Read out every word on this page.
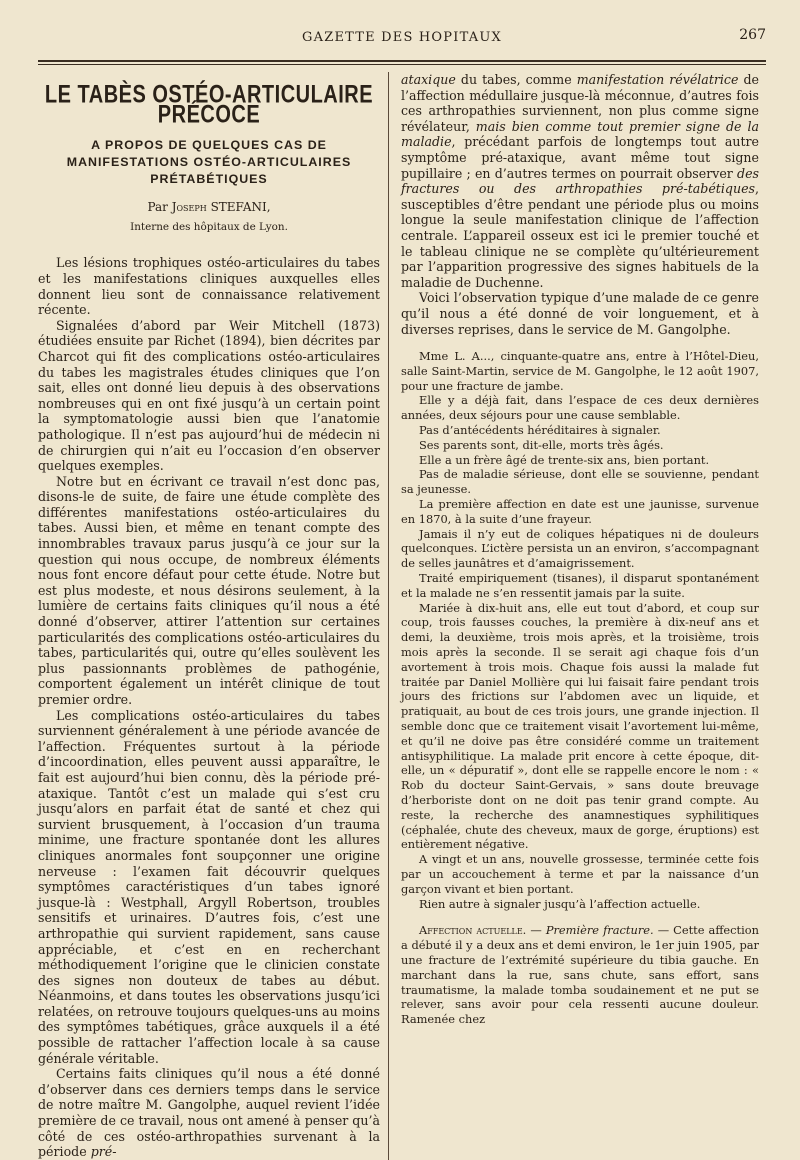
GAZETTE DES HOPITAUX	267
LE TABÈS OSTÉO-ARTICULAIRE PRÉCOCE
A PROPOS DE QUELQUES CAS DE MANIFESTATIONS OSTÉO-ARTICULAIRES PRÉTABÉTIQUES
Par Joseph STEFANI,
Interne des hôpitaux de Lyon.

Les lésions trophiques ostéo-articulaires du tabes et les manifestations cliniques auxquelles elles donnent lieu sont de connaissance relativement récente.

Signalées d’abord par Weir Mitchell (1873) étudiées ensuite par Richet (1894), bien décrites par Charcot qui fit des complications ostéo-articulaires du tabes les magistrales études cliniques que l’on sait, elles ont donné lieu depuis à des observations nombreuses qui en ont fixé jusqu’à un certain point la symptomatologie aussi bien que l’anatomie pathologique. Il n’est pas aujourd’hui de médecin ni de chirurgien qui n’ait eu l’occasion d’en observer quelques exemples.

Notre but en écrivant ce travail n’est donc pas, disons-le de suite, de faire une étude complète des différentes manifestations ostéo-articulaires du tabes. Aussi bien, et même en tenant compte des innombrables travaux parus jusqu’à ce jour sur la question qui nous occupe, de nombreux éléments nous font encore défaut pour cette étude. Notre but est plus modeste, et nous désirons seulement, à la lumière de certains faits cliniques qu’il nous a été donné d’observer, attirer l’attention sur certaines particularités des complications ostéo-articulaires du tabes, particularités qui, outre qu’elles soulèvent les plus passionnants problèmes de pathogénie, comportent également un intérêt clinique de tout premier ordre.

Les complications ostéo-articulaires du tabes surviennent généralement à une période avancée de l’affection. Fréquentes surtout à la période d’incoordination, elles peuvent aussi apparaître, le fait est aujourd’hui bien connu, dès la période pré-ataxique. Tantôt c’est un malade qui s’est cru jusqu’alors en parfait état de santé et chez qui survient brusquement, à l’occasion d’un trauma minime, une fracture spontanée dont les allures cliniques anormales font soupçonner une origine nerveuse : l’examen fait découvrir quelques symptômes caractéristiques d’un tabes ignoré jusque-là : Westphall, Argyll Robertson, troubles sensitifs et urinaires. D’autres fois, c’est une arthropathie qui survient rapidement, sans cause appréciable, et c’est en en recherchant méthodiquement l’origine que le clinicien constate des signes non douteux de tabes au début. Néanmoins, et dans toutes les observations jusqu’ici relatées, on retrouve toujours quelques-uns au moins des symptômes tabétiques, grâce auxquels il a été possible de rattacher l’affection locale à sa cause générale véritable.

Certains faits cliniques qu’il nous a été donné d’observer dans ces derniers temps dans le service de notre maître M. Gangolphe, auquel revient l’idée première de ce travail, nous ont amené à penser qu’à côté de ces ostéo-arthropathies survenant à la période pré-

ataxique du tabes, comme manifestation révélatrice de l’affection médullaire jusque-là méconnue, d’autres fois ces arthropathies surviennent, non plus comme signe révélateur, mais bien comme tout premier signe de la maladie, précédant parfois de longtemps tout autre symptôme pré-ataxique, avant même tout signe pupillaire ; en d’autres termes on pourrait observer des fractures ou des arthropathies pré-tabétiques, susceptibles d’être pendant une période plus ou moins longue la seule manifestation clinique de l’affection centrale. L’appareil osseux est ici le premier touché et le tableau clinique ne se complète qu’ultérieurement par l’apparition progressive des signes habituels de la maladie de Duchenne.

Voici l’observation typique d’une malade de ce genre qu’il nous a été donné de voir longuement, et à diverses reprises, dans le service de M. Gangolphe.

Mme L. A..., cinquante-quatre ans, entre à l’Hôtel-Dieu, salle Saint-Martin, service de M. Gangolphe, le 12 août 1907, pour une fracture de jambe.

Elle y a déjà fait, dans l’espace de ces deux dernières années, deux séjours pour une cause semblable.

Pas d’antécédents héréditaires à signaler.

Ses parents sont, dit-elle, morts très âgés.

Elle a un frère âgé de trente-six ans, bien portant.

Pas de maladie sérieuse, dont elle se souvienne, pendant sa jeunesse.

La première affection en date est une jaunisse, survenue en 1870, à la suite d’une frayeur.

Jamais il n’y eut de coliques hépatiques ni de douleurs quelconques. L’ictère persista un an environ, s’accompagnant de selles jaunâtres et d’amaigrissement.

Traité empiriquement (tisanes), il disparut spontanément et la malade ne s’en ressentit jamais par la suite.

Mariée à dix-huit ans, elle eut tout d’abord, et coup sur coup, trois fausses couches, la première à dix-neuf ans et demi, la deuxième, trois mois après, et la troisième, trois mois après la seconde. Il se serait agi chaque fois d’un avortement à trois mois. Chaque fois aussi la malade fut traitée par Daniel Mollière qui lui faisait faire pendant trois jours des frictions sur l’abdomen avec un liquide, et pratiquait, au bout de ces trois jours, une grande injection. Il semble donc que ce traitement visait l’avortement lui-même, et qu’il ne doive pas être considéré comme un traitement antisyphilitique. La malade prit encore à cette époque, dit-elle, un « dépuratif », dont elle se rappelle encore le nom : « Rob du docteur Saint-Gervais, » sans doute breuvage d’herboriste dont on ne doit pas tenir grand compte. Au reste, la recherche des anamnestiques syphilitiques (céphalée, chute des cheveux, maux de gorge, éruptions) est entièrement négative.

A vingt et un ans, nouvelle grossesse, terminée cette fois par un accouchement à terme et par la naissance d’un garçon vivant et bien portant.

Rien autre à signaler jusqu’à l’affection actuelle.

Affection actuelle. — Première fracture. — Cette affection a débuté il y a deux ans et demi environ, le 1er juin 1905, par une fracture de l’extrémité supérieure du tibia gauche. En marchant dans la rue, sans chute, sans effort, sans traumatisme, la malade tomba soudainement et ne put se relever, sans avoir pour cela ressenti aucune douleur. Ramenée chez
